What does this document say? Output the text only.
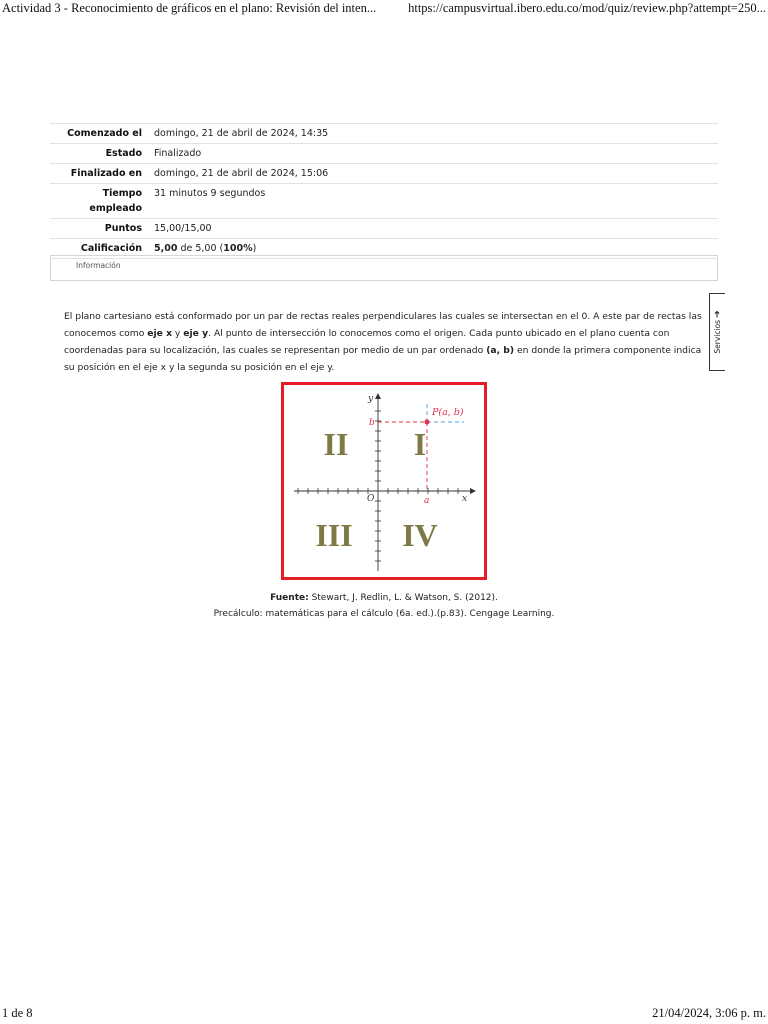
Actividad 3 - Reconocimiento de gráficos en el plano: Revisión del inten...	https://campusvirtual.ibero.edu.co/mod/quiz/review.php?attempt=250...
Comenzado el	domingo, 21 de abril de 2024, 14:35
Estado	Finalizado
Finalizado en	domingo, 21 de abril de 2024, 15:06
Tiempo empleado	31 minutos 9 segundos
Puntos	15,00/15,00
Calificación	5,00 de 5,00 (100%)
Información
Servicios➔

El plano cartesiano está conformado por un par de rectas reales perpendiculares las cuales se intersectan en el 0. A este par de rectas las conocemos como eje x y eje y. Al punto de intersección lo conocemos como el origen. Cada punto ubicado en el plano cuenta con coordenadas para su localización, las cuales se representan por medio de un par ordenado (a, b) en donde la primera componente indica su posición en el eje x y la segunda su posición en el eje y.

P(a, b)
b
a
O	x
y
I
II
III IV
Fuente: Stewart, J. Redlin, L. & Watson, S. (2012).
Precálculo: matemáticas para el cálculo (6a. ed.).(p.83). Cengage Learning.
1 de 8	21/04/2024, 3:06 p. m.
